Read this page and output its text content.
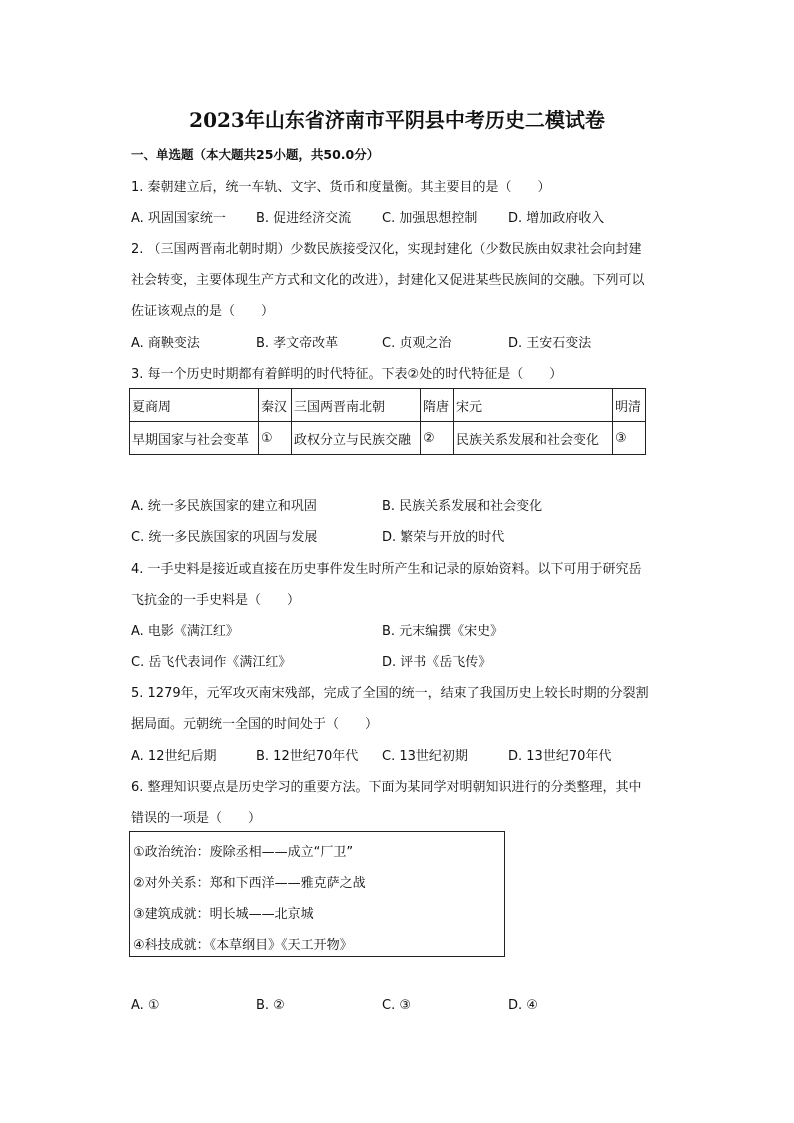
2023年山东省济南市平阴县中考历史二模试卷
一、单选题（本大题共25小题，共50.0分）
1. 秦朝建立后，统一车轨、文字、货币和度量衡。其主要目的是（　　）
A. 巩固国家统一 B. 促进经济交流 C. 加强思想控制 D. 增加政府收入
2. （三国两晋南北朝时期）少数民族接受汉化，实现封建化（少数民族由奴隶社会向封建
社会转变，主要体现生产方式和文化的改进），封建化又促进某些民族间的交融。下列可以
佐证该观点的是（　　）
A. 商鞅变法	B. 孝文帝改革	C. 贞观之治	D. 王安石变法
3. 每一个历史时期都有着鲜明的时代特征。下表②处的时代特征是（　　）
夏商周	秦汉	三国两晋南北朝	隋唐	宋元	明清
早期国家与社会变革	①	政权分立与民族交融	②	民族关系发展和社会变化	③
A. 统一多民族国家的建立和巩固	B. 民族关系发展和社会变化
C. 统一多民族国家的巩固与发展	D. 繁荣与开放的时代
4. 一手史料是接近或直接在历史事件发生时所产生和记录的原始资料。以下可用于研究岳
飞抗金的一手史料是（　　）
A. 电影《满江红》	B. 元末编撰《宋史》
C. 岳飞代表词作《满江红》	D. 评书《岳飞传》
5. 1279年，元军攻灭南宋残部，完成了全国的统一，结束了我国历史上较长时期的分裂割
据局面。元朝统一全国的时间处于（　　）
A. 12世纪后期	B. 12世纪70年代 C. 13世纪初期	D. 13世纪70年代
6. 整理知识要点是历史学习的重要方法。下面为某同学对明朝知识进行的分类整理，其中
错误的一项是（　　）
①政治统治：废除丞相——成立“厂卫”
②对外关系：郑和下西洋——雅克萨之战
③建筑成就：明长城——北京城
④科技成就：《本草纲目》《天工开物》
A. ①	B. ②	C. ③	D. ④
